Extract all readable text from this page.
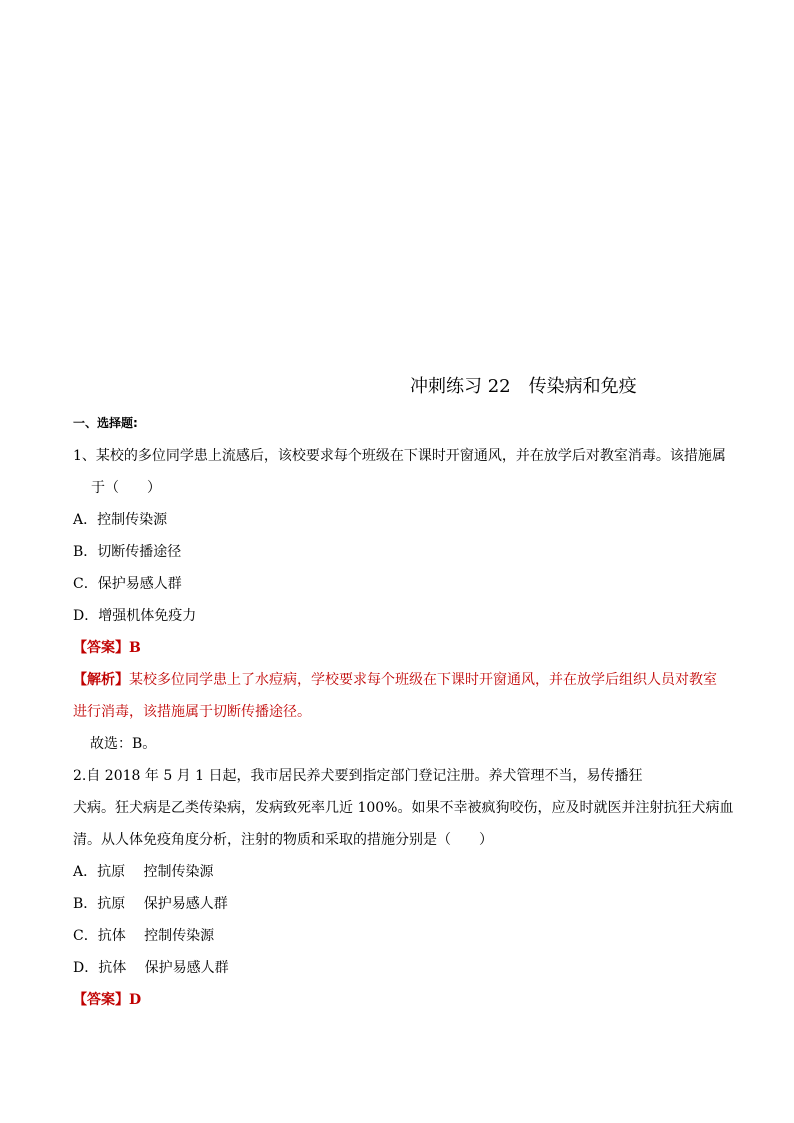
冲刺练习 22　传染病和免疫
一、选择题:
1、某校的多位同学患上流感后，该校要求每个班级在下课时开窗通风，并在放学后对教室消毒。该措施属
于（　　）
A．控制传染源
B．切断传播途径
C．保护易感人群
D．增强机体免疫力
【答案】B
【解析】某校多位同学患上了水痘病，学校要求每个班级在下课时开窗通风，并在放学后组织人员对教室
进行消毒，该措施属于切断传播途径。
故选：B。
2.自 2018 年 5 月 1 日起，我市居民养犬要到指定部门登记注册。养犬管理不当，易传播狂
犬病。狂犬病是乙类传染病，发病致死率几近 100%。如果不幸被疯狗咬伤，应及时就医并注射抗狂犬病血
清。从人体免疫角度分析，注射的物质和采取的措施分别是（　　）
A．抗原　 控制传染源
B．抗原　 保护易感人群
C．抗体　 控制传染源
D．抗体　 保护易感人群
【答案】D
